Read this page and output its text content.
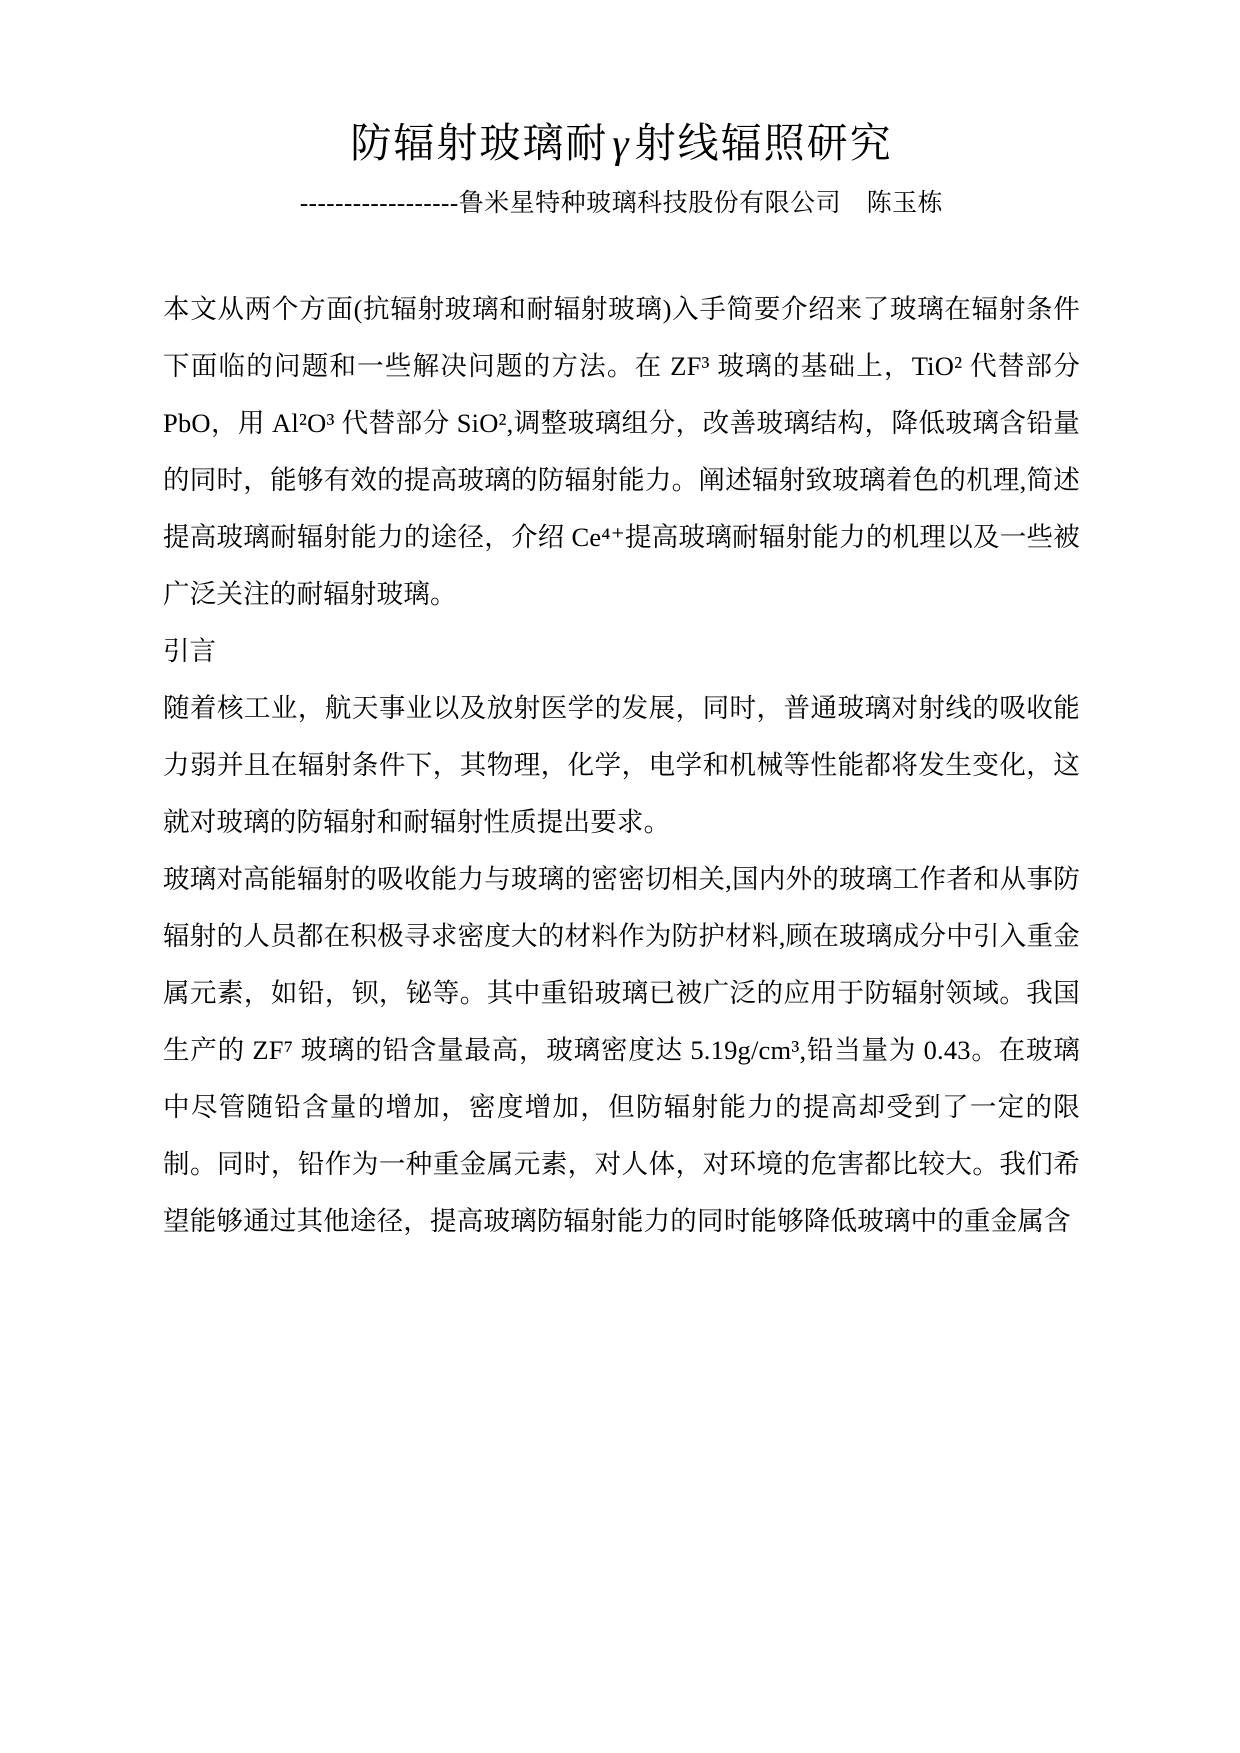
防辐射玻璃耐γ射线辐照研究
------------------鲁米星特种玻璃科技股份有限公司　陈玉栋

本文从两个方面(抗辐射玻璃和耐辐射玻璃)入手简要介绍来了玻璃在辐射条件下面临的问题和一些解决问题的方法。在 ZF³ 玻璃的基础上，TiO² 代替部分 PbO，用 Al²O³ 代替部分 SiO²,调整玻璃组分，改善玻璃结构，降低玻璃含铅量的同时，能够有效的提高玻璃的防辐射能力。阐述辐射致玻璃着色的机理,简述提高玻璃耐辐射能力的途径，介绍 Ce⁴⁺提高玻璃耐辐射能力的机理以及一些被广泛关注的耐辐射玻璃。

引言

随着核工业，航天事业以及放射医学的发展，同时，普通玻璃对射线的吸收能力弱并且在辐射条件下，其物理，化学，电学和机械等性能都将发生变化，这就对玻璃的防辐射和耐辐射性质提出要求。

玻璃对高能辐射的吸收能力与玻璃的密密切相关,国内外的玻璃工作者和从事防辐射的人员都在积极寻求密度大的材料作为防护材料,顾在玻璃成分中引入重金属元素，如铅，钡，铋等。其中重铅玻璃已被广泛的应用于防辐射领域。我国生产的 ZF⁷ 玻璃的铅含量最高，玻璃密度达 5.19g/cm³,铅当量为 0.43。在玻璃中尽管随铅含量的增加，密度增加，但防辐射能力的提高却受到了一定的限制。同时，铅作为一种重金属元素，对人体，对环境的危害都比较大。我们希望能够通过其他途径，提高玻璃防辐射能力的同时能够降低玻璃中的重金属含
